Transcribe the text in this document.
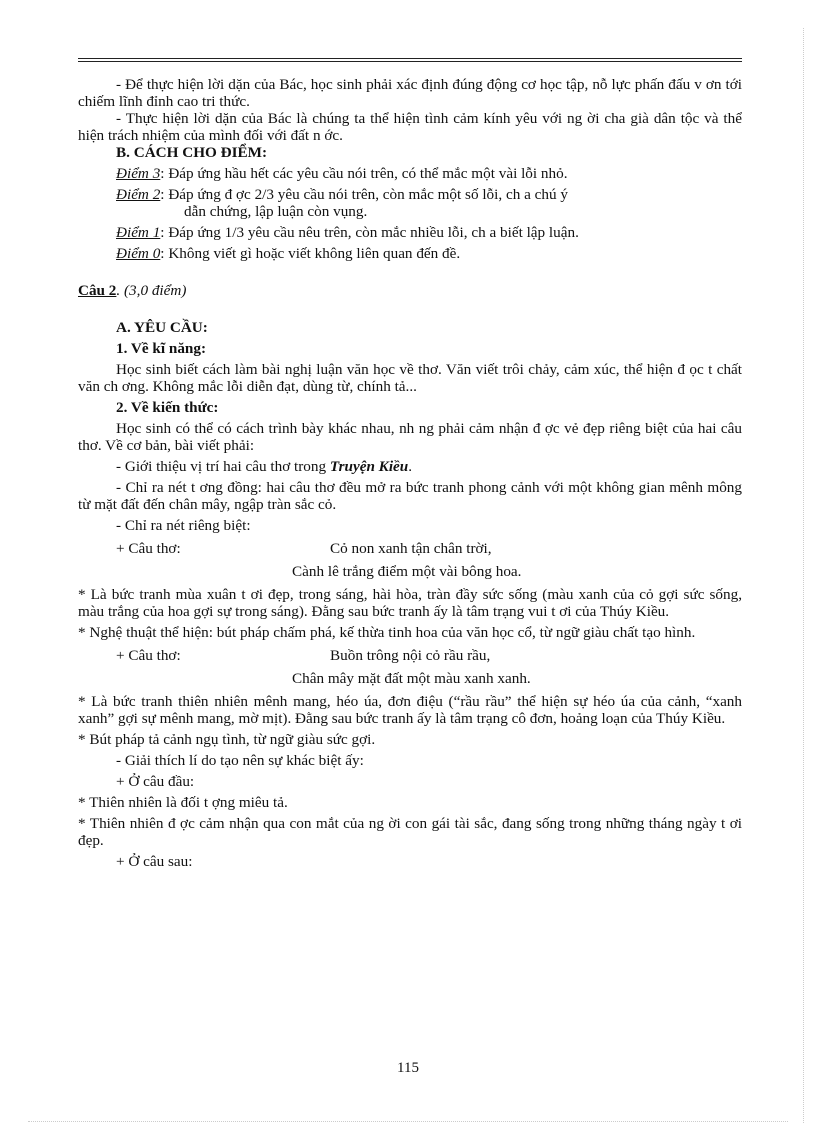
- Để thực hiện lời dặn của Bác, học sinh phải xác định đúng động cơ học tập, nỗ lực phấn đấu v ơn tới chiếm lĩnh đỉnh cao tri thức.

- Thực hiện lời dặn của Bác là chúng ta thể hiện tình cảm kính yêu với ng ời cha già dân tộc và thể hiện trách nhiệm của mình đối với đất n ớc.

B. CÁCH CHO ĐIỂM:

Điểm 3: Đáp ứng hầu hết các yêu cầu nói trên, có thể mắc một vài lỗi nhỏ.

Điểm 2: Đáp ứng đ ợc 2/3 yêu cầu nói trên, còn mắc một số lỗi, ch a chú ý
dẫn chứng, lập luận còn vụng.

Điểm 1: Đáp ứng 1/3 yêu cầu nêu trên, còn mắc nhiều lỗi, ch a biết lập luận.

Điểm 0: Không viết gì hoặc viết không liên quan đến đề.

Câu 2. (3,0 điểm)

A. YÊU CẦU:

1. Về kĩ năng:

Học sinh biết cách làm bài nghị luận văn học về thơ. Văn viết trôi chảy, cảm xúc, thể hiện đ ọc t chất văn ch ơng. Không mắc lỗi diễn đạt, dùng từ, chính tả...

2. Về kiến thức:

Học sinh có thể có cách trình bày khác nhau, nh ng phải cảm nhận đ ợc vẻ đẹp riêng biệt của hai câu thơ. Về cơ bản, bài viết phải:

- Giới thiệu vị trí hai câu thơ trong Truyện Kiều.

- Chỉ ra nét t ơng đồng: hai câu thơ đều mở ra bức tranh phong cảnh với một không gian mênh mông từ mặt đất đến chân mây, ngập tràn sắc cỏ.

- Chỉ ra nét riêng biệt:

+ Câu thơ:	Cỏ non xanh tận chân trời,
Cành lê trắng điểm một vài bông hoa.

* Là bức tranh mùa xuân t ơi đẹp, trong sáng, hài hòa, tràn đầy sức sống (màu xanh của cỏ gợi sức sống, màu trắng của hoa gợi sự trong sáng). Đằng sau bức tranh ấy là tâm trạng vui t ơi của Thúy Kiều.

* Nghệ thuật thể hiện: bút pháp chấm phá, kế thừa tinh hoa của văn học cổ, từ ngữ giàu chất tạo hình.

+ Câu thơ:	Buồn trông nội cỏ rầu rầu,
Chân mây mặt đất một màu xanh xanh.

* Là bức tranh thiên nhiên mênh mang, héo úa, đơn điệu (“rầu rầu” thể hiện sự héo úa của cảnh, “xanh xanh” gợi sự mênh mang, mờ mịt). Đằng sau bức tranh ấy là tâm trạng cô đơn, hoảng loạn của Thúy Kiều.

* Bút pháp tả cảnh ngụ tình, từ ngữ giàu sức gợi.

- Giải thích lí do tạo nên sự khác biệt ấy:

+ Ở câu đầu:

* Thiên nhiên là đối t ợng miêu tả.

* Thiên nhiên đ ợc cảm nhận qua con mắt của ng ời con gái tài sắc, đang sống trong những tháng ngày t ơi đẹp.

+ Ở câu sau:

115
